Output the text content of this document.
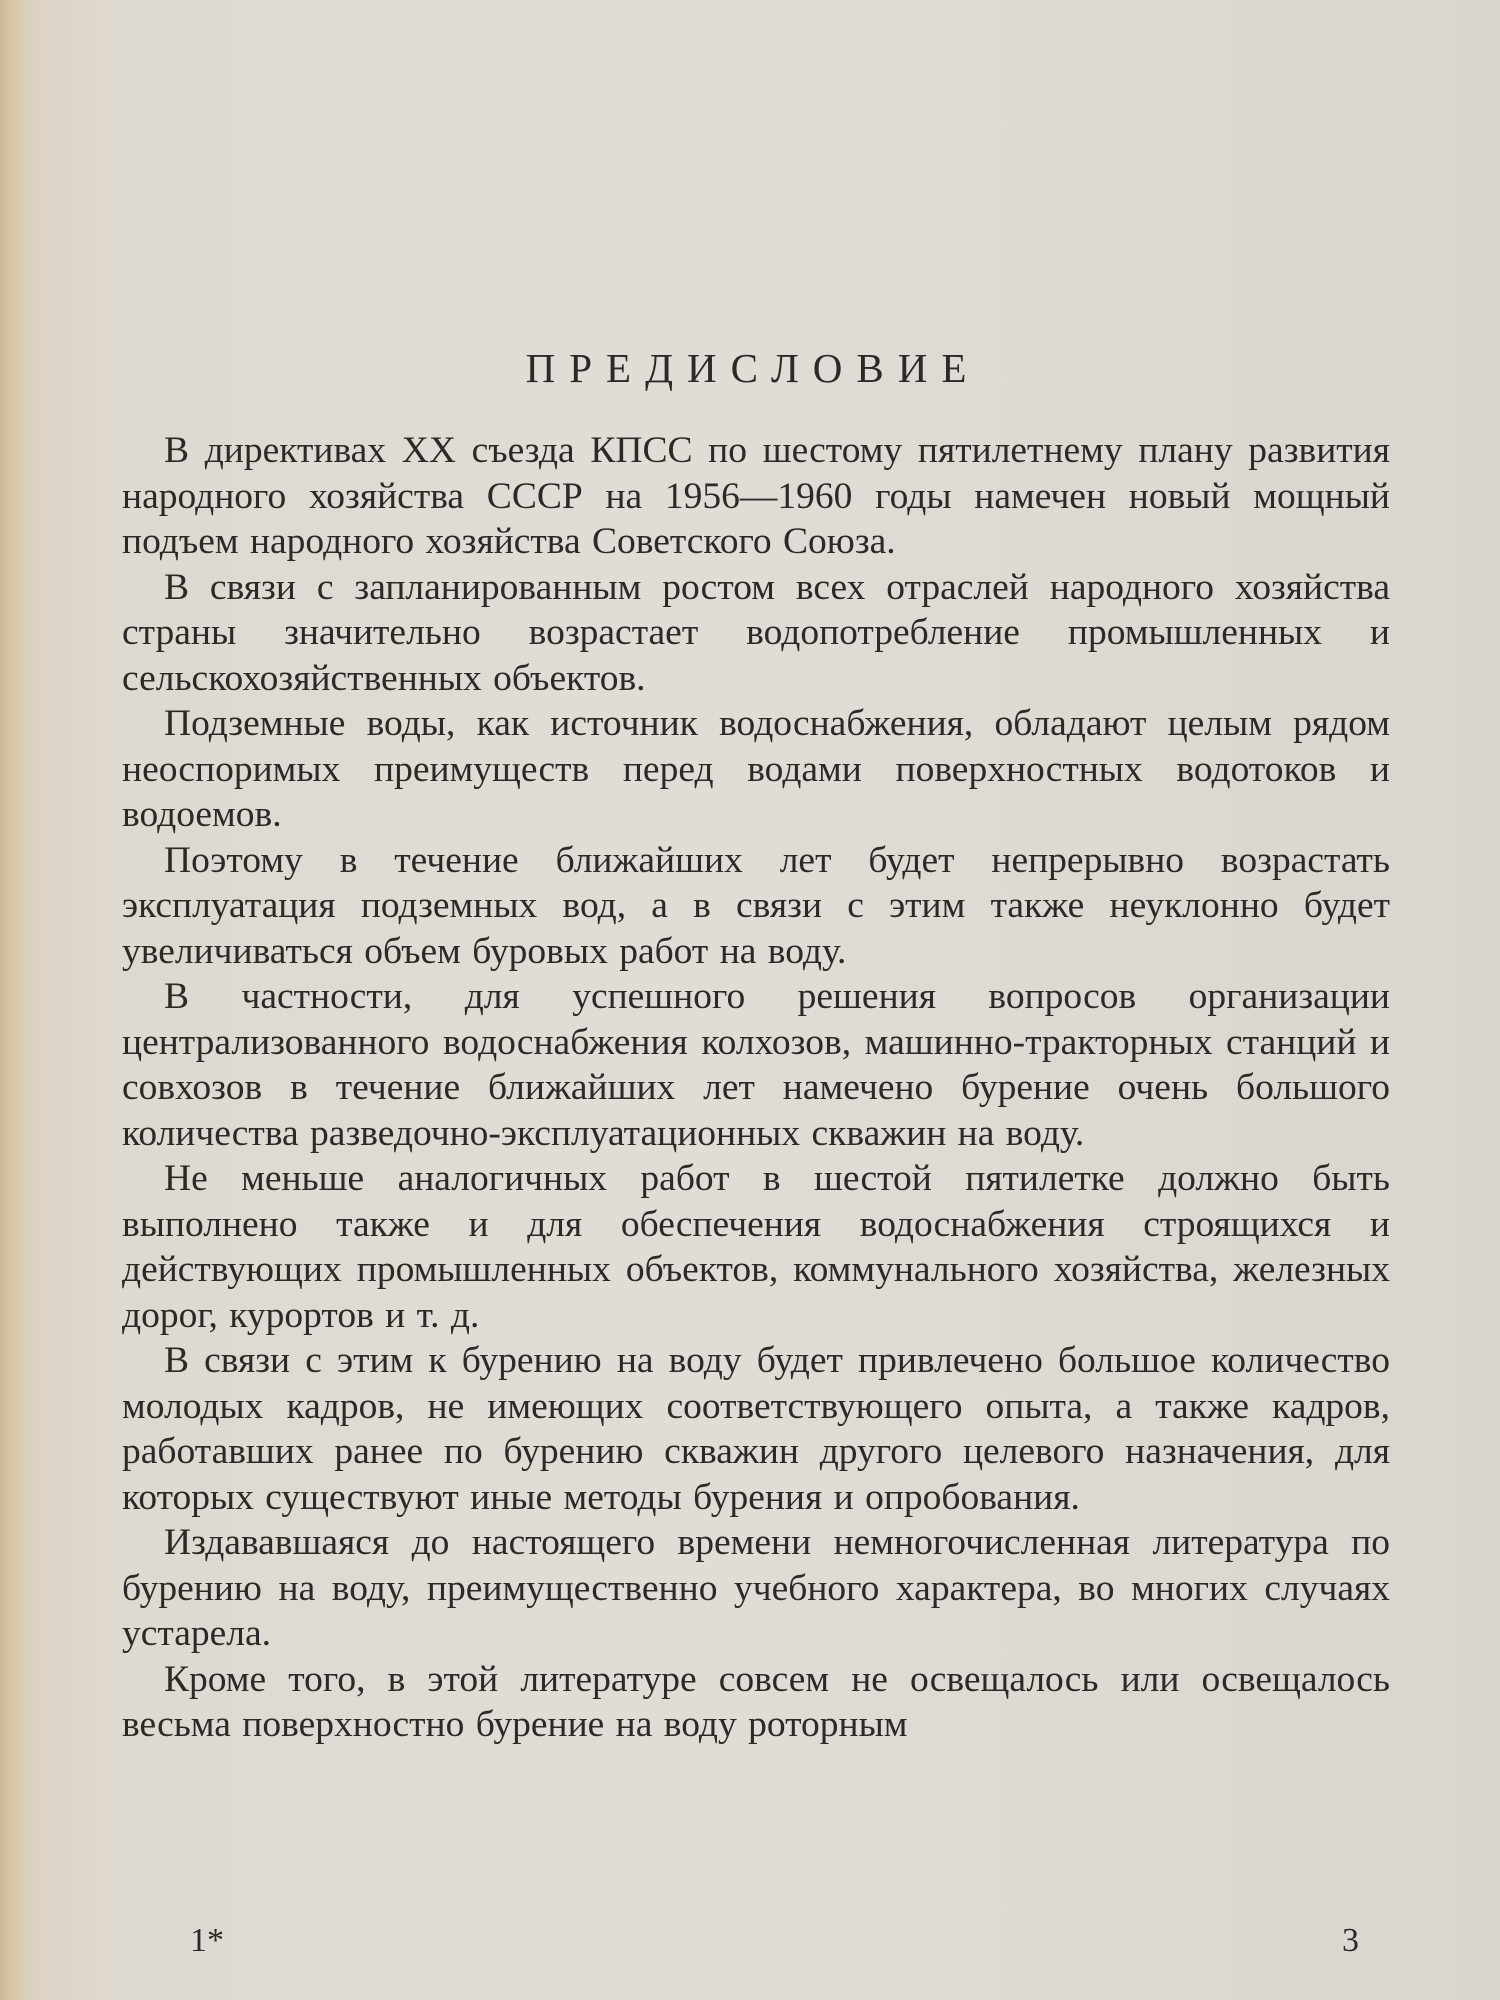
ПРЕДИСЛОВИЕ

В директивах XX съезда КПСС по шестому пятилетнему плану развития народного хозяйства СССР на 1956—1960 годы намечен новый мощный подъем народного хозяйства Советского Союза.

В связи с запланированным ростом всех отраслей народного хозяйства страны значительно возрастает водопотребление промышленных и сельскохозяйственных объектов.

Подземные воды, как источник водоснабжения, обладают целым рядом неоспоримых преимуществ перед водами поверхностных водотоков и водоемов.

Поэтому в течение ближайших лет будет непрерывно возрастать эксплуатация подземных вод, а в связи с этим также неуклонно будет увеличиваться объем буровых работ на воду.

В частности, для успешного решения вопросов организации централизованного водоснабжения колхозов, машинно-тракторных станций и совхозов в течение ближайших лет намечено бурение очень большого количества разведочно-эксплуатационных скважин на воду.

Не меньше аналогичных работ в шестой пятилетке должно быть выполнено также и для обеспечения водоснабжения строящихся и действующих промышленных объектов, коммунального хозяйства, железных дорог, курортов и т. д.

В связи с этим к бурению на воду будет привлечено большое количество молодых кадров, не имеющих соответствующего опыта, а также кадров, работавших ранее по бурению скважин другого целевого назначения, для которых существуют иные методы бурения и опробования.

Издававшаяся до настоящего времени немногочисленная литература по бурению на воду, преимущественно учебного характера, во многих случаях устарела.

Кроме того, в этой литературе совсем не освещалось или освещалось весьма поверхностно бурение на воду роторным

1*	3
